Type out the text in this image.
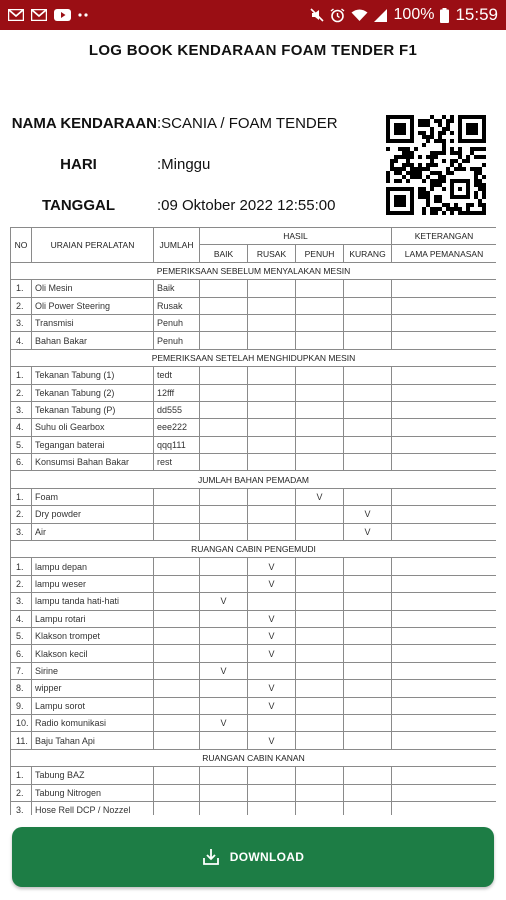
100% 15:59
LOG BOOK KENDARAAN FOAM TENDER F1
NAMA KENDARAAN :SCANIA / FOAM TENDER
HARI	:Minggu
TANGGAL	:09 Oktober 2022 12:55:00
NO	URAIAN PERALATAN	JUMLAH	HASIL				KETERANGAN
			BAIK	RUSAK	PENUH	KURANG	LAMA PEMANASAN
PEMERIKSAAN SEBELUM MENYALAKAN MESIN							
1.	Oli Mesin	Baik					
2.	Oli Power Steering	Rusak					
3.	Transmisi	Penuh					
4.	Bahan Bakar	Penuh					
PEMERIKSAAN SETELAH MENGHIDUPKAN MESIN							
1.	Tekanan Tabung (1)	tedt					
2.	Tekanan Tabung (2)	12fff					
3.	Tekanan Tabung (P)	dd555					
4.	Suhu oli Gearbox	eee222					
5.	Tegangan baterai	qqq111					
6.	Konsumsi Bahan Bakar	rest					
JUMLAH BAHAN PEMADAM							
1.	Foam				V		
2.	Dry powder					V	
3.	Air					V	
RUANGAN CABIN PENGEMUDI							
1.	lampu depan			V			
2.	lampu weser			V			
3.	lampu tanda hati-hati		V				
4.	Lampu rotari			V			
5.	Klakson trompet			V			
6.	Klakson kecil			V			
7.	Sirine		V				
8.	wipper			V			
9.	Lampu sorot			V			
10.	Radio komunikasi		V				
11.	Baju Tahan Api			V			
RUANGAN CABIN KANAN							
1.	Tabung BAZ						
2.	Tabung Nitrogen						
3.	Hose Rell DCP / Nozzel						
DOWNLOAD
